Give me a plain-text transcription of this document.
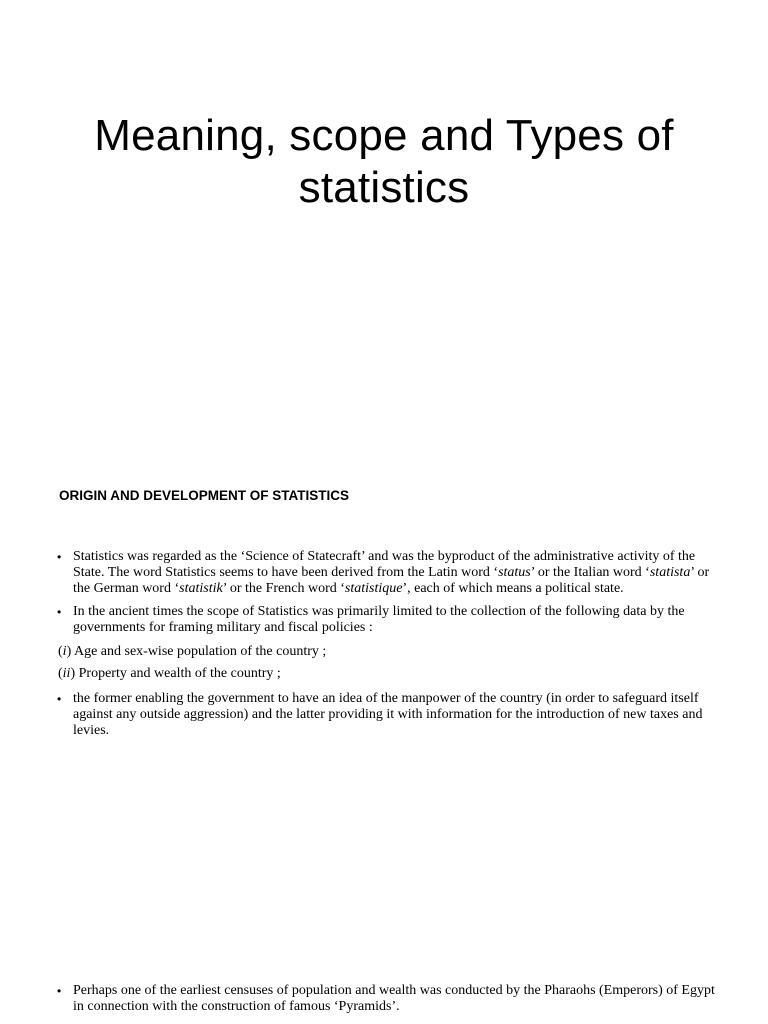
Meaning, scope and Types of
statistics
ORIGIN AND DEVELOPMENT OF STATISTICS
• Statistics was regarded as the ‘Science of Statecraft’ and was the byproduct of the administrative activity of the State. The word Statistics seems to have been derived from the Latin word ‘status’ or the Italian word ‘statista’ or the German word ‘statistik’ or the French word ‘statistique’, each of which means a political state.
• In the ancient times the scope of Statistics was primarily limited to the collection of the following data by the governments for framing military and fiscal policies :
(i) Age and sex-wise population of the country ;
(ii) Property and wealth of the country ;
• the former enabling the government to have an idea of the manpower of the country (in order to safeguard itself against any outside aggression) and the latter providing it with information for the introduction of new taxes and levies.
• Perhaps one of the earliest censuses of population and wealth was conducted by the Pharaohs (Emperors) of Egypt in connection with the construction of famous ‘Pyramids’.
